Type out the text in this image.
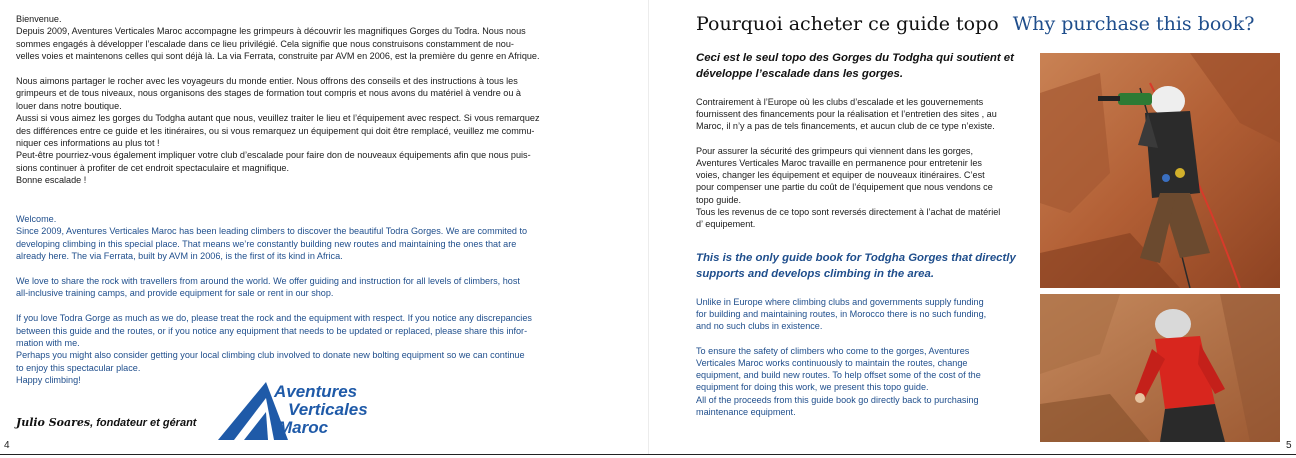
Bienvenue.
Depuis 2009, Aventures Verticales Maroc accompagne les grimpeurs à découvrir les magnifiques Gorges du Todra. Nous nous
sommes engagés à développer l’escalade dans ce lieu privilégié. Cela signifie que nous construisons constamment de nou-
velles voies et maintenons celles qui sont déjà là. La via Ferrata, construite par AVM en 2006, est la première du genre en Afrique.

Nous aimons partager le rocher avec les voyageurs du monde entier. Nous offrons des conseils et des instructions à tous les
grimpeurs et de tous niveaux, nous organisons des stages de formation tout compris et nous avons du matériel à vendre ou à
louer dans notre boutique.
Aussi si vous aimez les gorges du Todgha autant que nous, veuillez traiter le lieu et l’équipement avec respect. Si vous remarquez
des différences entre ce guide et les itinéraires, ou si vous remarquez un équipement qui doit être remplacé, veuillez me commu-
niquer ces informations au plus tot !
Peut-être pourriez-vous également impliquer votre club d’escalade pour faire don de nouveaux équipements afin que nous puis-
sions continuer à profiter de cet endroit spectaculaire et magnifique.
Bonne escalade !

Welcome.
Since 2009, Aventures Verticales Maroc has been leading climbers to discover the beautiful Todra Gorges. We are commited to
developing climbing in this special place. That means we’re constantly building new routes and maintaining the ones that are
already here. The via Ferrata, built by AVM in 2006, is the first of its kind in Africa.

We love to share the rock with travellers from around the world. We offer guiding and instruction for all levels of climbers, host
all-inclusive training camps, and provide equipment for sale or rent in our shop.

If you love Todra Gorge as much as we do, please treat the rock and the equipment with respect. If you notice any discrepancies
between this guide and the routes, or if you notice any equipment that needs to be updated or replaced, please share this infor-
mation with me.
Perhaps you might also consider getting your local climbing club involved to donate new bolting equipment so we can continue
to enjoy this spectacular place.
Happy climbing!

Julio Soares, fondateur et gérant
Aventures
Verticales
Maroc
4
Pourquoi acheter ce guide topo Why purchase this book?

Ceci est le seul topo des Gorges du Todgha qui soutient et développe l’escalade dans les gorges.

Contrairement à l’Europe où les clubs d’escalade et les gouvernements
fournissent des financements pour la réalisation et l’entretien des sites , au
Maroc, il n’y a pas de tels financements, et aucun club de ce type n’existe.

Pour assurer la sécurité des grimpeurs qui viennent dans les gorges,
Aventures Verticales Maroc travaille en permanence pour entretenir les
voies, changer les équipement et equiper de nouveaux itinéraires. C’est
pour compenser une partie du coût de l’équipement que nous vendons ce
topo guide.
Tous les revenus de ce topo sont reversés directement à l’achat de matériel
d’ equipement.

This is the only guide book for Todgha Gorges that directly supports and develops climbing in the area.

Unlike in Europe where climbing clubs and governments supply funding
for building and maintaining routes, in Morocco there is no such funding,
and no such clubs in existence.

To ensure the safety of climbers who come to the gorges, Aventures
Verticales Maroc works continuously to maintain the routes, change
equipment, and build new routes. To help offset some of the cost of the
equipment for doing this work, we present this topo guide.
All of the proceeds from this guide book go directly back to purchasing
maintenance equipment.

5
